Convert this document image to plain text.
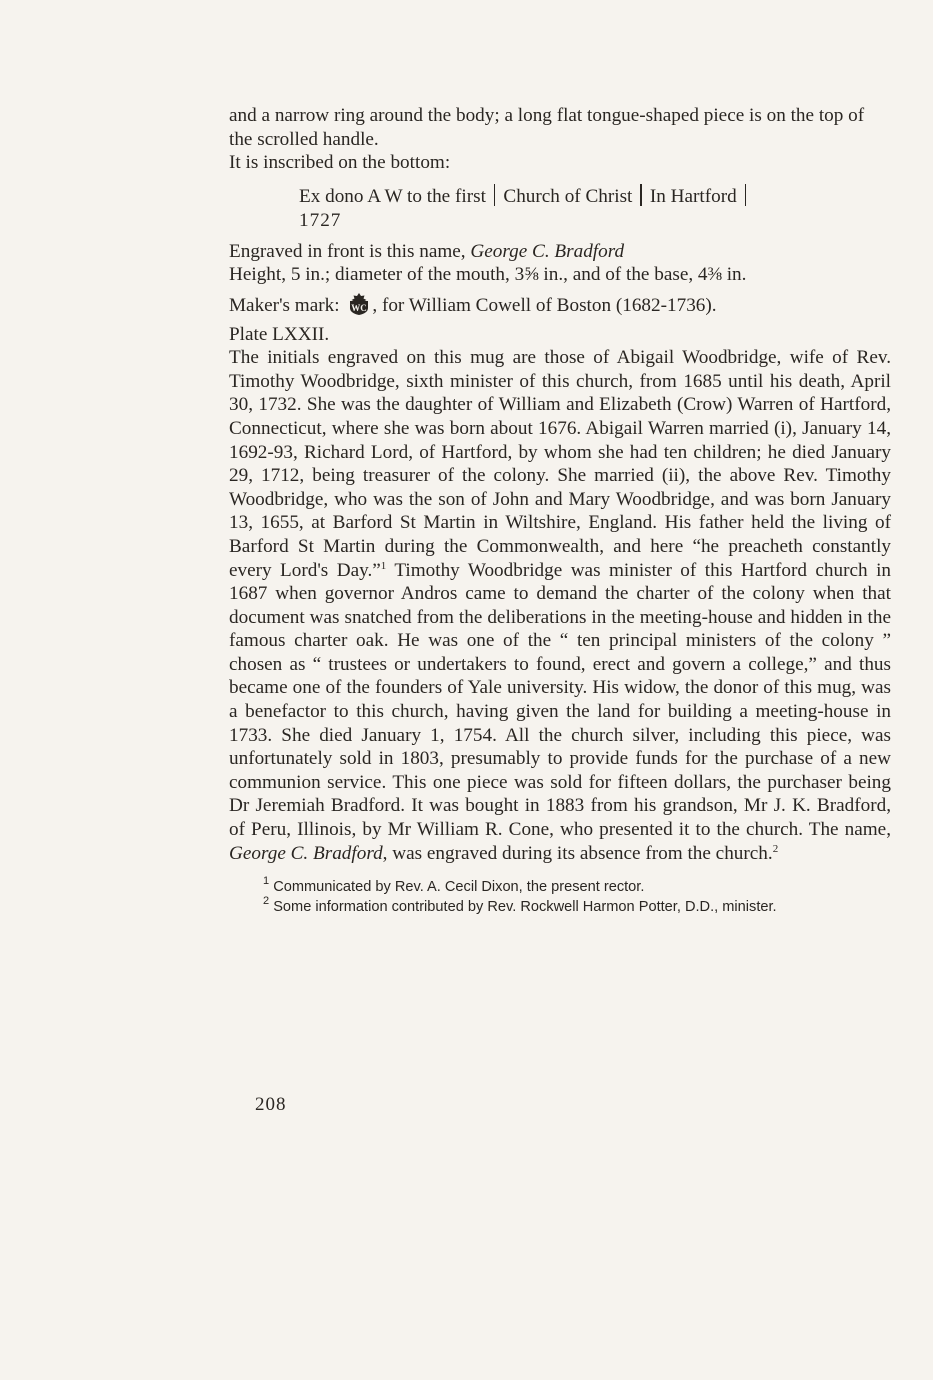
and a narrow ring around the body; a long flat tongue-shaped piece is on the top of the scrolled handle.

It is inscribed on the bottom:

Ex dono A W to the first Church of Christ In Hartford
1727

Engraved in front is this name, George C. Bradford

Height, 5 in.; diameter of the mouth, 3⅝ in., and of the base, 4⅜ in.

Maker's mark: WC , for William Cowell of Boston (1682-1736).

Plate LXXII.

The initials engraved on this mug are those of Abigail Woodbridge, wife of Rev. Timothy Woodbridge, sixth minister of this church, from 1685 until his death, April 30, 1732. She was the daughter of William and Elizabeth (Crow) Warren of Hartford, Connecticut, where she was born about 1676. Abigail Warren married (i), January 14, 1692-93, Richard Lord, of Hartford, by whom she had ten children; he died January 29, 1712, being treasurer of the colony. She married (ii), the above Rev. Timothy Woodbridge, who was the son of John and Mary Woodbridge, and was born January 13, 1655, at Barford St Martin in Wiltshire, England. His father held the living of Barford St Martin during the Commonwealth, and here “he preacheth constantly every Lord's Day.”$^1$ Timothy Woodbridge was minister of this Hartford church in 1687 when governor Andros came to demand the charter of the colony when that document was snatched from the deliberations in the meeting-house and hidden in the famous charter oak. He was one of the “ ten principal ministers of the colony ” chosen as “ trustees or undertakers to found, erect and govern a college,” and thus became one of the founders of Yale university. His widow, the donor of this mug, was a benefactor to this church, having given the land for building a meeting-house in 1733. She died January 1, 1754. All the church silver, including this piece, was unfortunately sold in 1803, presumably to provide funds for the purchase of a new communion service. This one piece was sold for fifteen dollars, the purchaser being Dr Jeremiah Bradford. It was bought in 1883 from his grandson, Mr J. K. Bradford, of Peru, Illinois, by Mr William R. Cone, who presented it to the church. The name, George C. Bradford, was engraved during its absence from the church.$^2$

$^1$ Communicated by Rev. A. Cecil Dixon, the present rector.

$^2$ Some information contributed by Rev. Rockwell Harmon Potter, D.D., minister.

208
